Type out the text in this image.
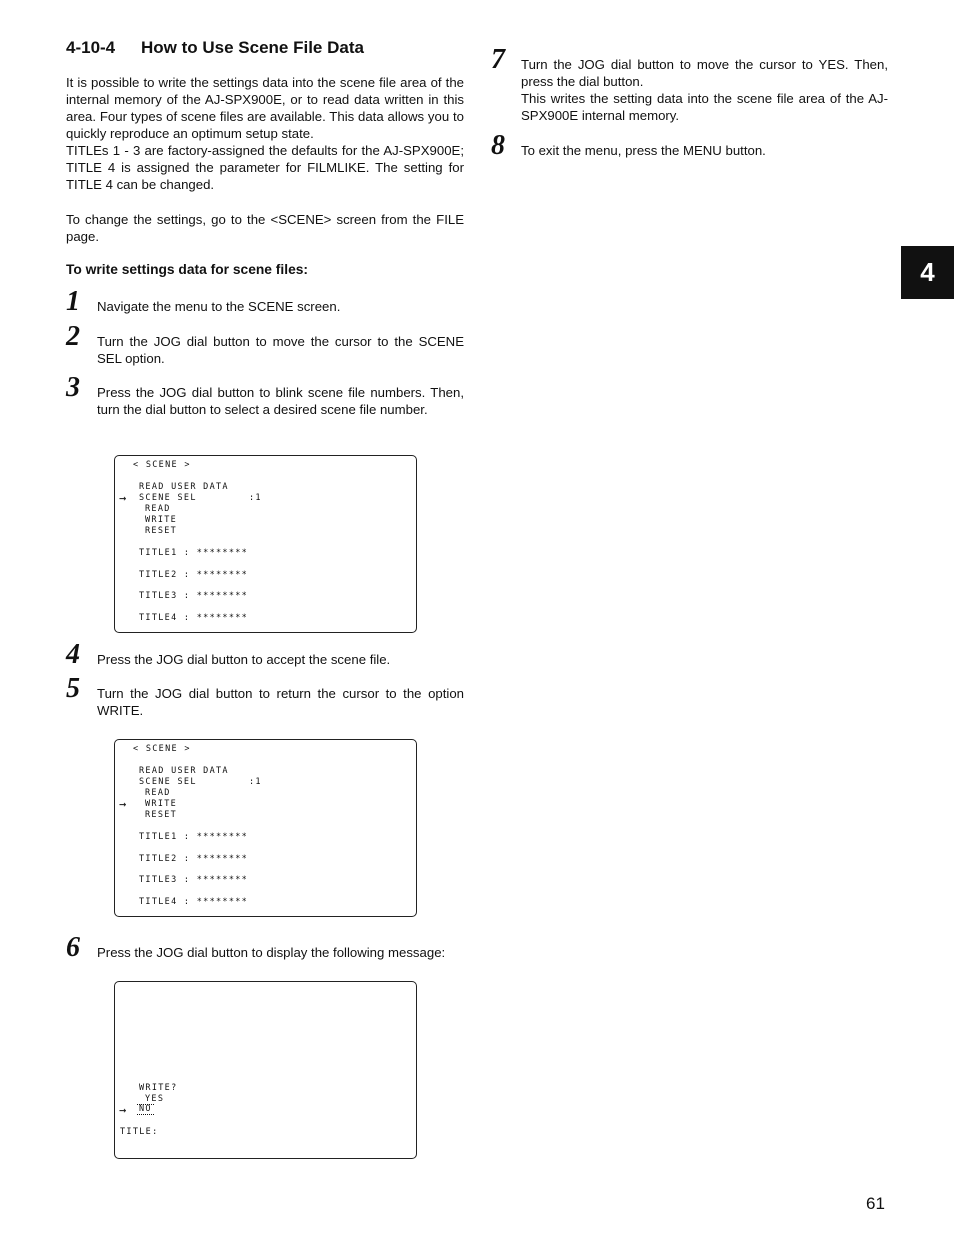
4-10-4 How to Use Scene File Data

It is possible to write the settings data into the scene file area of the internal memory of the AJ-SPX900E, or to read data written in this area. Four types of scene files are available. This data allows you to quickly reproduce an optimum setup state.

TITLEs 1 - 3 are factory-assigned the defaults for the AJ-SPX900E; TITLE 4 is assigned the parameter for FILMLIKE. The setting for TITLE 4 can be changed.

To change the settings, go to the <SCENE> screen from the FILE page.

To write settings data for scene files:
1 Navigate the menu to the SCENE screen.

2 Turn the JOG dial button to move the cursor to the SCENE SEL option.

3 Press the JOG dial button to blink scene file numbers. Then, turn the dial button to select a desired scene file number.

< SCENE >
READ USER DATA
→ SCENE SEL	:1
READ
WRITE
RESET
TITLE1 : ********
TITLE2 : ********
TITLE3 : ********
TITLE4 : ********
4 Press the JOG dial button to accept the scene file.

5 Turn the JOG dial button to return the cursor to the option WRITE.

< SCENE >
READ USER DATA
SCENE SEL	:1
READ
→ WRITE
RESET
TITLE1 : ********
TITLE2 : ********
TITLE3 : ********
TITLE4 : ********
6 Press the JOG dial button to display the following message:

WRITE?
YES
→ NO
TITLE:
7 Turn the JOG dial button to move the cursor to YES. Then, press the dial button.

This writes the setting data into the scene file area of the AJ-SPX900E internal memory.

8 To exit the menu, press the MENU button.

4
61
